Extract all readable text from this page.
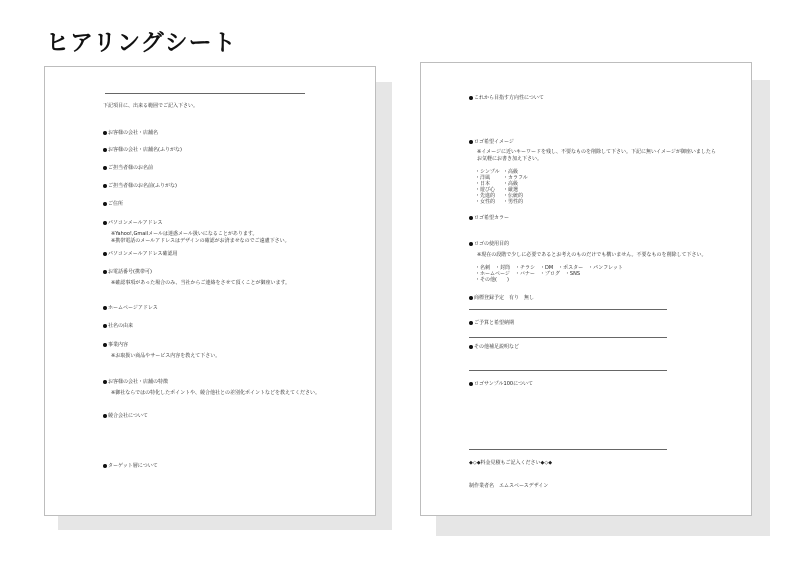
ヒアリングシート
下記項目に、出来る範囲でご記入下さい。
お客様の会社・店舗名
お客様の会社・店舗名(ふりがな)
ご担当者様のお名前
ご担当者様のお名前(ふりがな)
ご住所
パソコンメールアドレス
※Yahoo!,Gmailメールは迷惑メール扱いになることがあります。
※携帯電話のメールアドレスはデザインの確認がお済ませなのでご遠慮下さい。
パソコンメールアドレス確認用
お電話番号(携帯可)
※確認事項があった場合のみ、当社からご連絡をさせて頂くことが御座います。
ホームページアドレス
社名の由来
事業内容
※お取扱い商品やサービス内容を教えて下さい。
お客様の会社・店舗の特徴
※御社ならではの特化したポイントや、競合他社との差別化ポイントなどを教えてください。
競合会社について
ターゲット層について
これから目指す方向性について
ロゴ希望イメージ
※イメージに近いキーワードを残し、不要なものを削除して下さい。下記に無いイメージが御座いましたら
お気軽にお書き加え下さい。
・シンプル ・高級
・洋風	・カラフル
・日本	・高級
・遊び心 ・厳選
・先進的 ・伝統的
・女性的 ・男性的
ロゴ希望カラー
ロゴの使用目的
※現在の段階で少しに必要であるとお考えのものだけでも構いません。不要なものを削除して下さい。
・名刺　・封筒　・チラシ　・DM　・ポスター　・パンフレット
・ホームページ　・バナー　・ブログ　・SNS
・その他(　　)
商標登録予定　有り　無し
ご予算と希望納期
その他補足説明など
ロゴサンプル100について
◆◇◆料金見積もご記入ください◆◇◆
制作業者名　エムスペースデザイン
